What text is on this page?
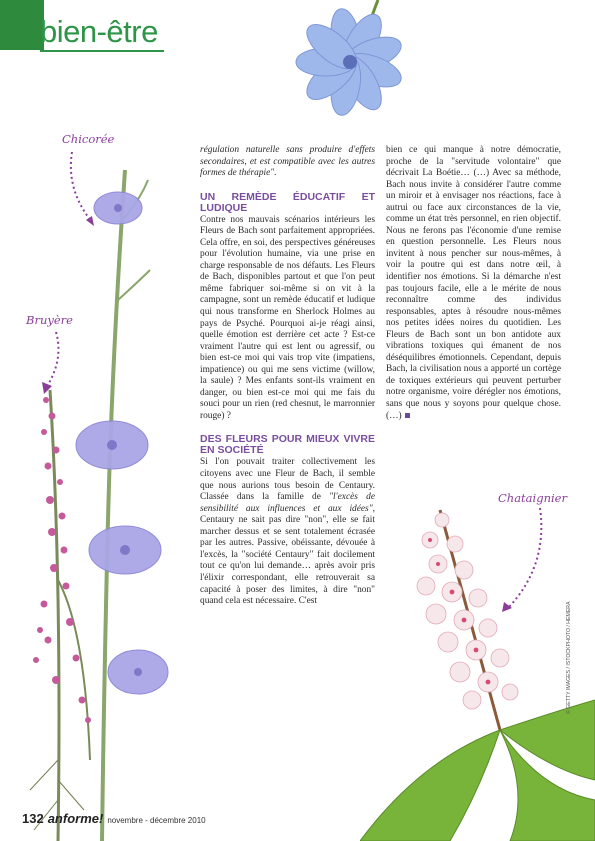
bien-être
Chicorée
Bruyère
Chataignier

régulation naturelle sans produire d'effets secondaires, et est compatible avec les autres formes de thérapie".

UN REMÈDE ÉDUCATIF ET LUDIQUE

Contre nos mauvais scénarios intérieurs les Fleurs de Bach sont parfaitement appropriées. Cela offre, en soi, des perspectives généreuses pour l'évolution humaine, via une prise en charge responsable de nos défauts. Les Fleurs de Bach, disponibles partout et que l'on peut même fabriquer soi-même si on vit à la campagne, sont un remède éducatif et ludique qui nous transforme en Sherlock Holmes au pays de Psyché. Pourquoi ai-je réagi ainsi, quelle émotion est derrière cet acte ? Est-ce vraiment l'autre qui est lent ou agressif, ou bien est-ce moi qui vais trop vite (impatiens, impatience) ou qui me sens victime (willow, la saule) ? Mes enfants sont-ils vraiment en danger, ou bien est-ce moi qui me fais du souci pour un rien (red chesnut, le marronnier rouge) ?

DES FLEURS POUR MIEUX VIVRE EN SOCIÉTÉ

Si l'on pouvait traiter collectivement les citoyens avec une Fleur de Bach, il semble que nous aurions tous besoin de Centaury. Classée dans la famille de "l'excès de sensibilité aux influences et aux idées", Centaury ne sait pas dire "non", elle se fait marcher dessus et se sent totalement écrasée par les autres. Passive, obéissante, dévouée à l'excès, la "société Centaury" fait docilement tout ce qu'on lui demande… après avoir pris l'élixir correspondant, elle retrouverait sa capacité à poser des limites, à dire "non" quand cela est nécessaire. C'est

bien ce qui manque à notre démocratie, proche de la "servitude volontaire" que décrivait La Boétie… (…) Avec sa méthode, Bach nous invite à considérer l'autre comme un miroir et à envisager nos réactions, face à autrui ou face aux circonstances de la vie, comme un état très personnel, en rien objectif. Nous ne ferons pas l'économie d'une remise en question personnelle. Les Fleurs nous invitent à nous pencher sur nous-mêmes, à voir la poutre qui est dans notre œil, à identifier nos émotions. Si la démarche n'est pas toujours facile, elle a le mérite de nous reconnaître comme des individus responsables, aptes à résoudre nous-mêmes nos petites idées noires du quotidien. Les Fleurs de Bach sont un bon antidote aux vibrations toxiques qui émanent de nos déséquilibres émotionnels. Cependant, depuis Bach, la civilisation nous a apporté un cortège de toxiques extérieurs qui peuvent perturber notre organisme, voire dérégler nos émotions, sans que nous y soyons pour quelque chose. (…)

© GETTY IMAGES / ISTOCKPHOTO / HEMERA
132 anforme! novembre - décembre 2010
